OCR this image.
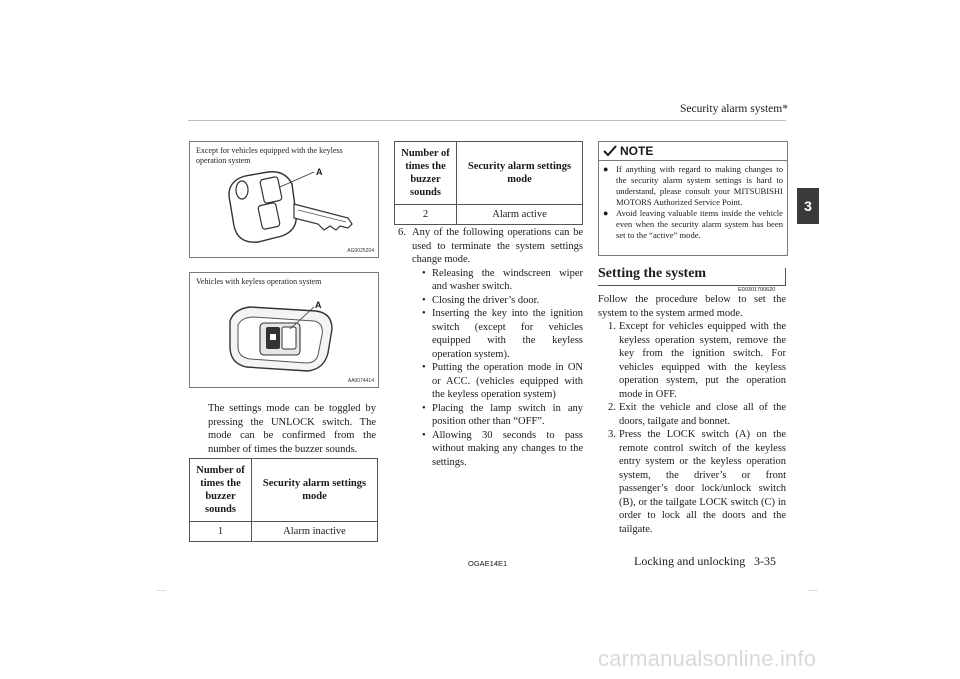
Security alarm system*
3
Except for vehicles equipped with the keyless operation system
A
AG0025204
Vehicles with keyless operation system
A
AA0074414
The settings mode can be toggled by pressing the UNLOCK switch. The mode can be confirmed from the number of times the buzzer sounds.
Number of times the buzzer sounds	Security alarm settings mode
1	Alarm inactive
Number of times the buzzer sounds	Security alarm settings mode
2	Alarm active
6. Any of the following operations can be used to terminate the system settings change mode.
• Releasing the windscreen wiper and washer switch.
• Closing the driver’s door.
• Inserting the key into the ignition switch (except for vehicles equipped with the keyless operation system).
• Putting the operation mode in ON or ACC. (vehicles equipped with the keyless operation system)
• Placing the lamp switch in any position other than “OFF”.
• Allowing 30 seconds to pass without making any changes to the settings.
NOTE
● If anything with regard to making changes to the security alarm system settings is hard to understand, please consult your MITSUBISHI MOTORS Authorized Service Point.
● Avoid leaving valuable items inside the vehicle even when the security alarm system has been set to the “active” mode.
Setting the system
E00301700620
Follow the procedure below to set the system to the system armed mode.
1. Except for vehicles equipped with the keyless operation system, remove the key from the ignition switch. For vehicles equipped with the keyless operation system, put the operation mode in OFF.
2. Exit the vehicle and close all of the doors, tailgate and bonnet.
3. Press the LOCK switch (A) on the remote control switch of the keyless entry system or the keyless operation system, the driver’s or front passenger’s door lock/unlock switch (B), or the tailgate LOCK switch (C) in order to lock all the doors and the tailgate.
OGAE14E1	Locking and unlocking 3-35
carmanualsonline.info
